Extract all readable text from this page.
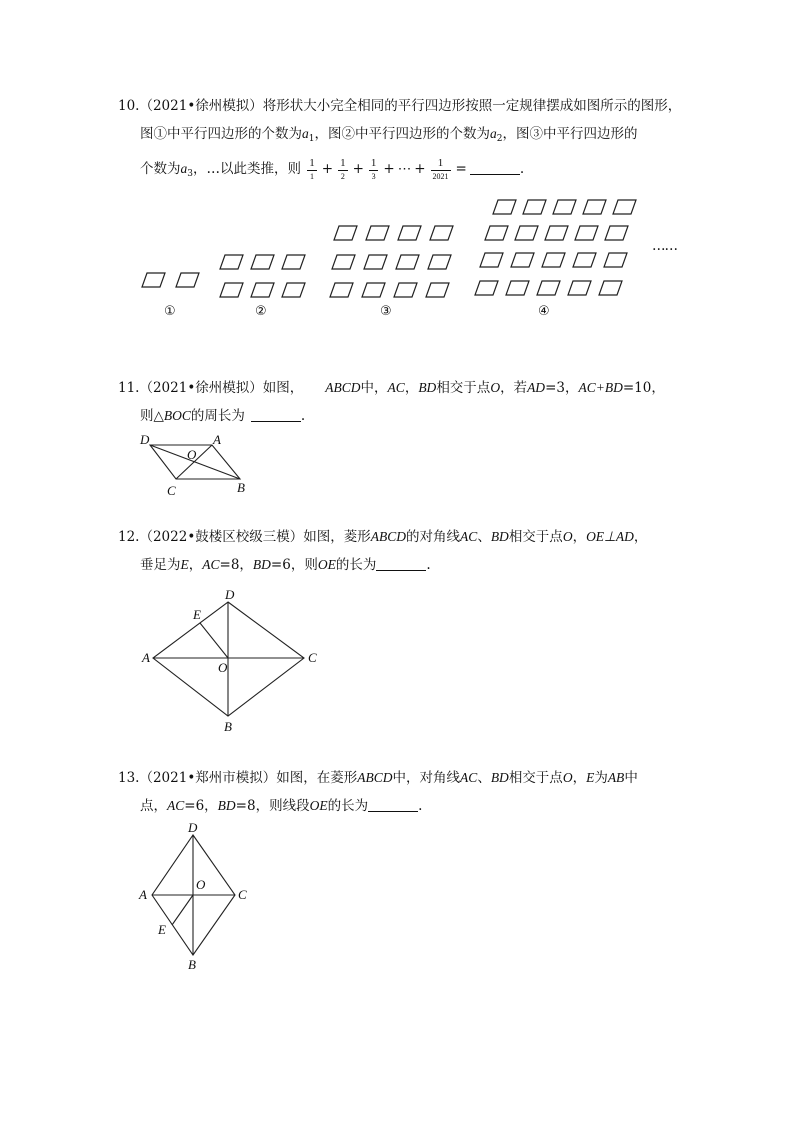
10.（2021•徐州模拟）将形状大小完全相同的平行四边形按照一定规律摆成如图所示的图形，
图①中平行四边形的个数为$a_1$，图②中平行四边形的个数为$a_2$，图③中平行四边形的
个数为$a_3$，…以此类推，则 $\frac{1}{1} + \frac{1}{2} + \frac{1}{3}$ + ⋯ + $\frac{1}{2021}$ =	.
①	②	③	④
……
11.（2021•徐州模拟）如图， ABCD中，AC，BD相交于点O，若AD=3，AC+BD=10，
则△BOC的周长为	.
D	A
O
C	B
12.（2022•鼓楼区校级三模）如图，菱形ABCD的对角线AC、BD相交于点O，OE⊥AD，
垂足为E，AC=8，BD=6，则OE的长为	.
D
E
A
O
C
B
13.（2021•郑州市模拟）如图，在菱形ABCD中，对角线AC、BD相交于点O，E为AB中
点，AC=6，BD=8，则线段OE的长为	.
D
A
O
C
E
B
